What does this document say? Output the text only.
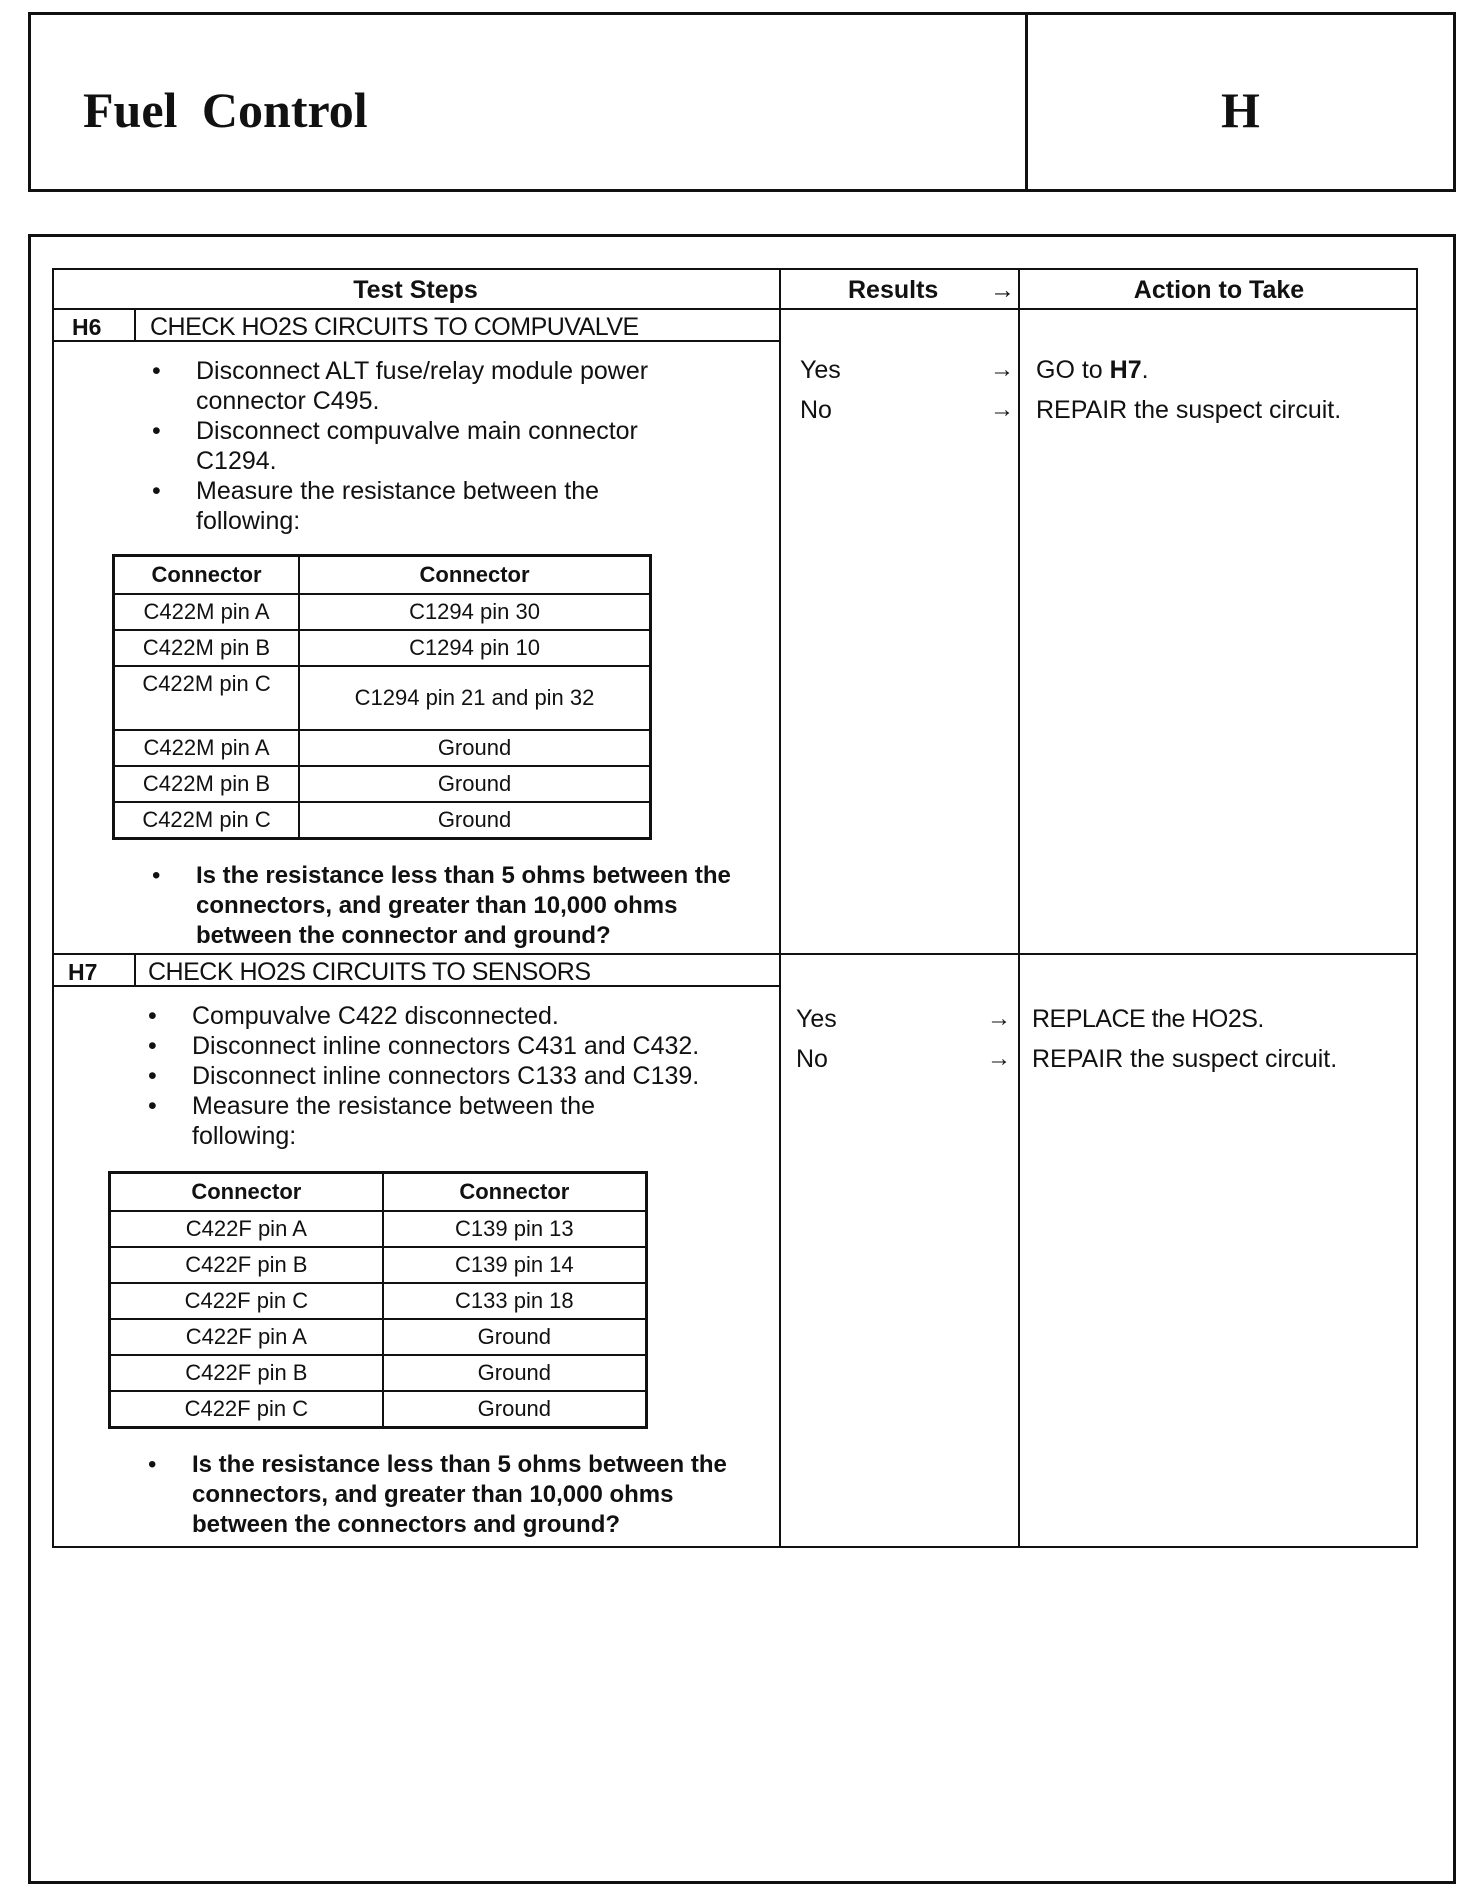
Fuel Control	H
Test Steps	Results →	Action to Take
H6 CHECK HO2S CIRCUITS TO COMPUVALVE
• Disconnect ALT fuse/relay module power connector C495.
• Disconnect compuvalve main connector C1294.
• Measure the resistance between the following:
Connector	Connector
C422M pin A	C1294 pin 30
C422M pin B	C1294 pin 10
C422M pin C	C1294 pin 21 and pin 32
C422M pin A	Ground
C422M pin B	Ground
C422M pin C	Ground
• Is the resistance less than 5 ohms between the connectors, and greater than 10,000 ohms between the connector and ground?
Yes	→ GO to H7.
No	→ REPAIR the suspect circuit.
H7 CHECK HO2S CIRCUITS TO SENSORS
• Compuvalve C422 disconnected.
• Disconnect inline connectors C431 and C432.
• Disconnect inline connectors C133 and C139.
• Measure the resistance between the following:
Connector	Connector
C422F pin A	C139 pin 13
C422F pin B	C139 pin 14
C422F pin C	C133 pin 18
C422F pin A	Ground
C422F pin B	Ground
C422F pin C	Ground
• Is the resistance less than 5 ohms between the connectors, and greater than 10,000 ohms between the connectors and ground?
Yes	→ REPLACE the HO2S.
No	→ REPAIR the suspect circuit.
